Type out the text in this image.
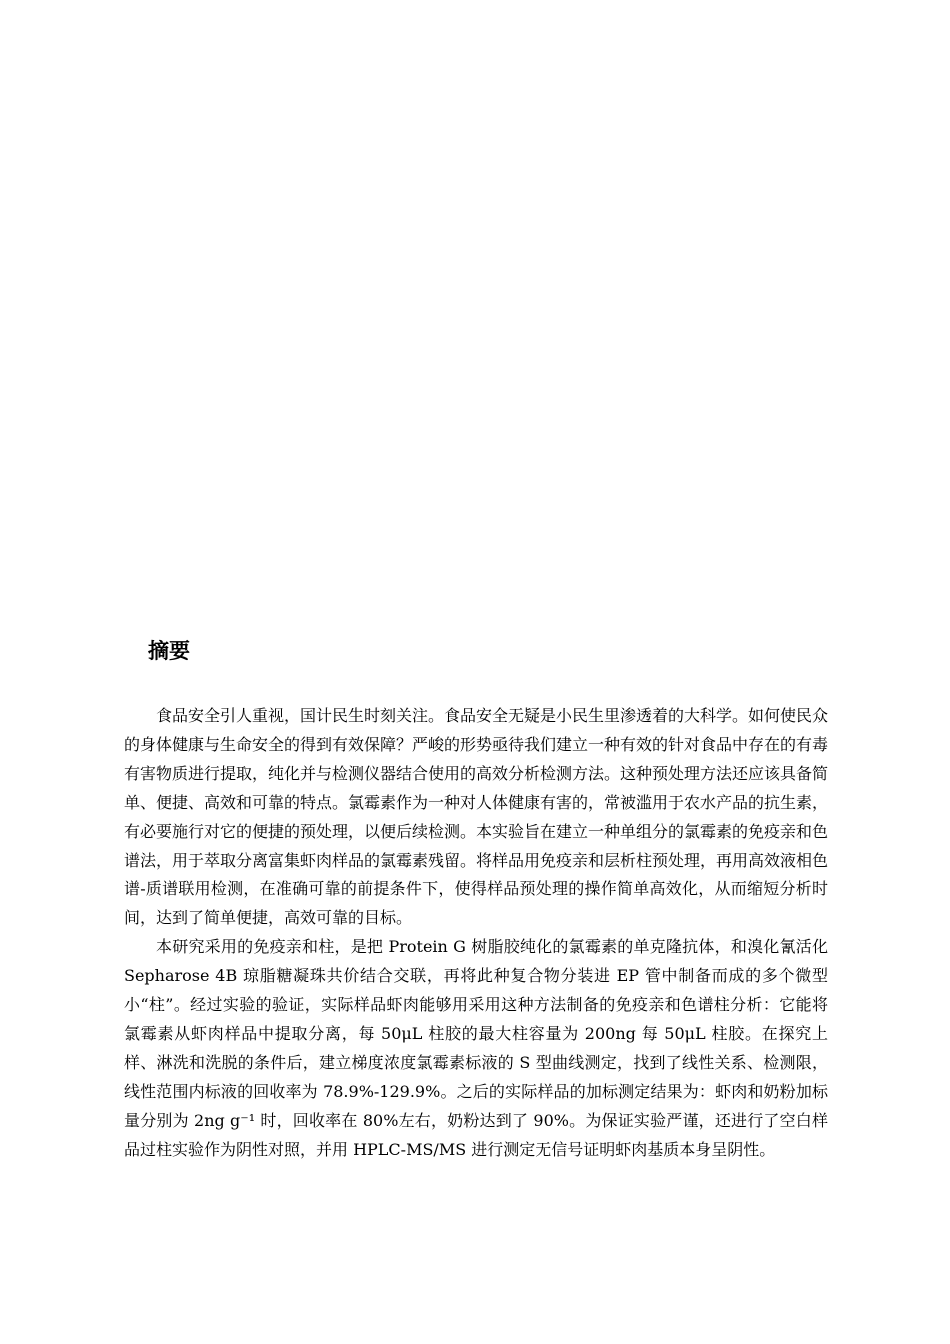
摘要

食品安全引人重视，国计民生时刻关注。食品安全无疑是小民生里渗透着的大科学。如何使民众的身体健康与生命安全的得到有效保障？严峻的形势亟待我们建立一种有效的针对食品中存在的有毒有害物质进行提取，纯化并与检测仪器结合使用的高效分析检测方法。这种预处理方法还应该具备简单、便捷、高效和可靠的特点。氯霉素作为一种对人体健康有害的，常被滥用于农水产品的抗生素，有必要施行对它的便捷的预处理，以便后续检测。本实验旨在建立一种单组分的氯霉素的免疫亲和色谱法，用于萃取分离富集虾肉样品的氯霉素残留。将样品用免疫亲和层析柱预处理，再用高效液相色谱-质谱联用检测，在准确可靠的前提条件下，使得样品预处理的操作简单高效化，从而缩短分析时间，达到了简单便捷，高效可靠的目标。

本研究采用的免疫亲和柱，是把 Protein G 树脂胶纯化的氯霉素的单克隆抗体，和溴化氰活化 Sepharose 4B 琼脂糖凝珠共价结合交联，再将此种复合物分装进 EP 管中制备而成的多个微型小“柱”。经过实验的验证，实际样品虾肉能够用采用这种方法制备的免疫亲和色谱柱分析：它能将氯霉素从虾肉样品中提取分离，每 50μL 柱胶的最大柱容量为 200ng 每 50μL 柱胶。在探究上样、淋洗和洗脱的条件后，建立梯度浓度氯霉素标液的 S 型曲线测定，找到了线性关系、检测限，线性范围内标液的回收率为 78.9%-129.9%。之后的实际样品的加标测定结果为：虾肉和奶粉加标量分别为 2ng g⁻¹ 时，回收率在 80%左右，奶粉达到了 90%。为保证实验严谨，还进行了空白样品过柱实验作为阴性对照，并用 HPLC-MS/MS 进行测定无信号证明虾肉基质本身呈阴性。
